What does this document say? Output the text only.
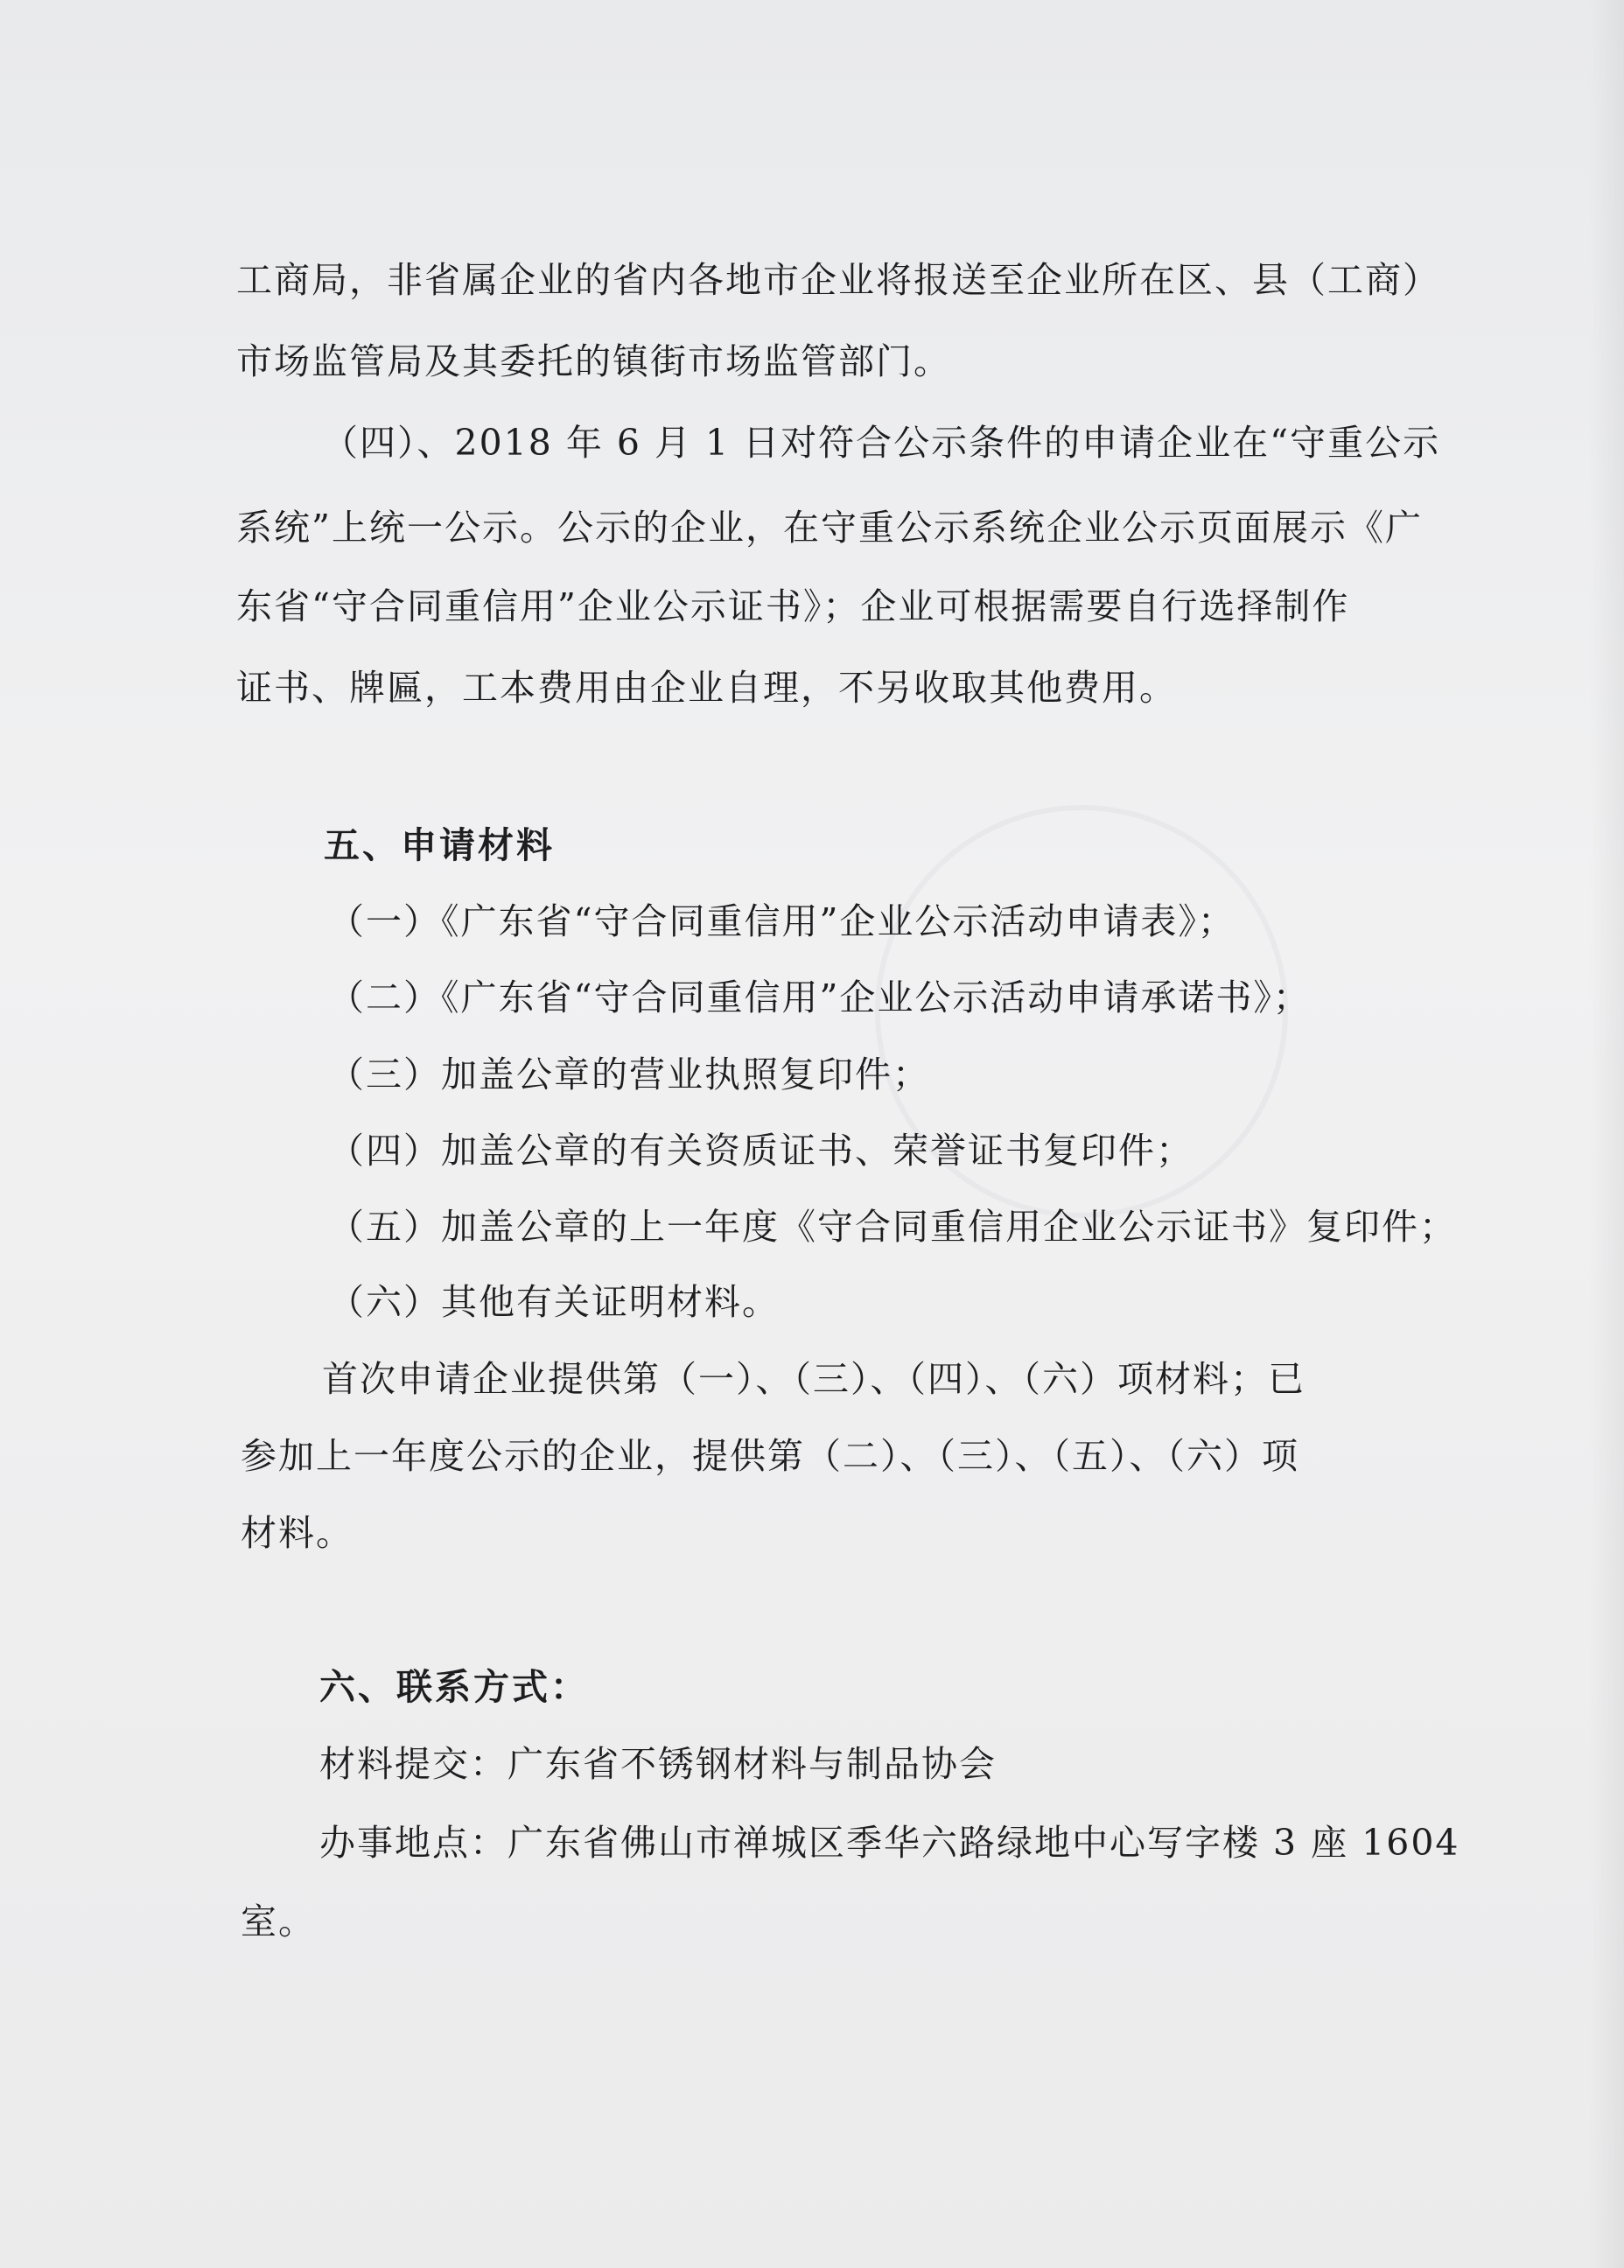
工商局，非省属企业的省内各地市企业将报送至企业所在区、县（工商）
市场监管局及其委托的镇街市场监管部门。
（四）、2018 年 6 月 1 日对符合公示条件的申请企业在“守重公示
系统”上统一公示。公示的企业，在守重公示系统企业公示页面展示《广
东省“守合同重信用”企业公示证书》；企业可根据需要自行选择制作
证书、牌匾，工本费用由企业自理，不另收取其他费用。
五、申请材料
（一）《广东省“守合同重信用”企业公示活动申请表》；
（二）《广东省“守合同重信用”企业公示活动申请承诺书》；
（三）加盖公章的营业执照复印件；
（四）加盖公章的有关资质证书、荣誉证书复印件；
（五）加盖公章的上一年度《守合同重信用企业公示证书》复印件；
（六）其他有关证明材料。
首次申请企业提供第（一）、（三）、（四）、（六）项材料；已
参加上一年度公示的企业，提供第（二）、（三）、（五）、（六）项
材料。
六、联系方式：
材料提交：广东省不锈钢材料与制品协会
办事地点：广东省佛山市禅城区季华六路绿地中心写字楼 3 座 1604
室。
